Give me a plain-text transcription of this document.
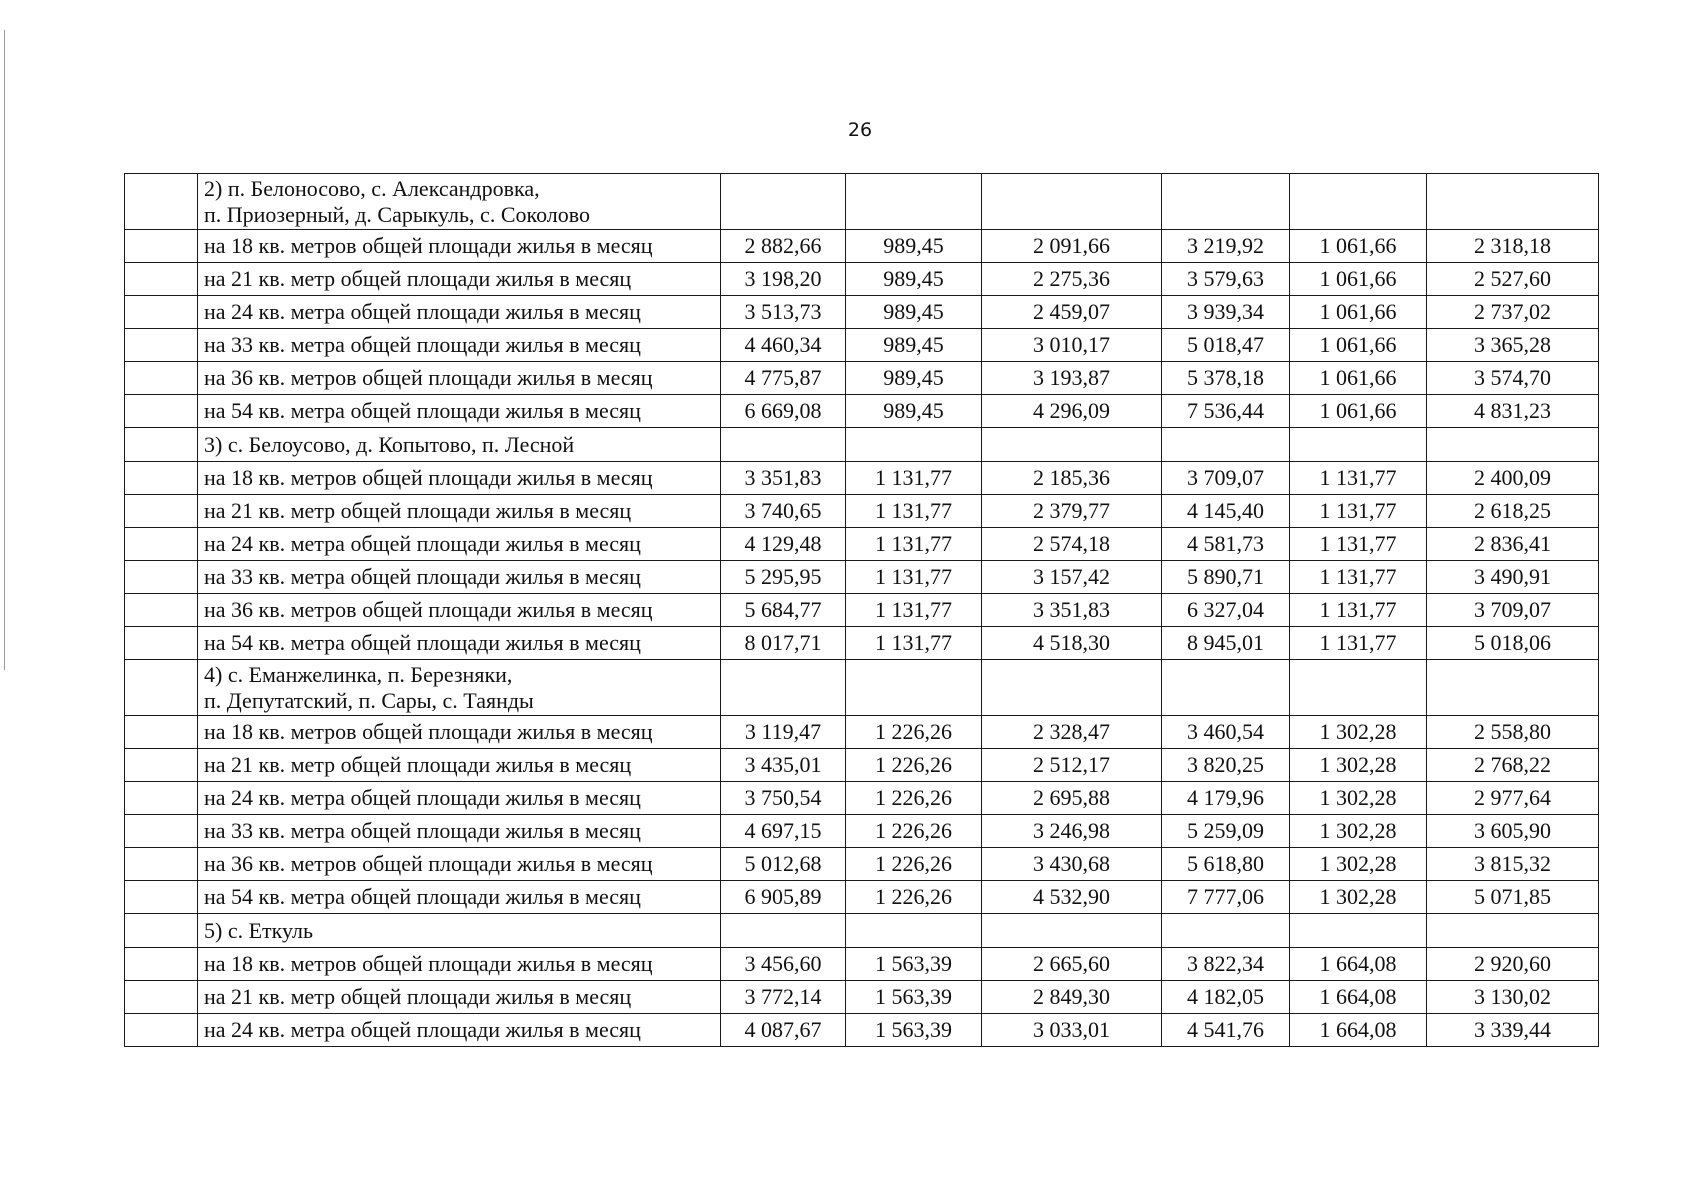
26

	2) п. Белоносово, с. Александровка,
п. Приозерный, д. Сарыкуль, с. Соколово						

	на 18 кв. метров общей площади жилья в месяц	2 882,66	989,45	2 091,66	3 219,92	1 061,66	2 318,18
	на 21 кв. метр общей площади жилья в месяц	3 198,20	989,45	2 275,36	3 579,63	1 061,66	2 527,60
	на 24 кв. метра общей площади жилья в месяц	3 513,73	989,45	2 459,07	3 939,34	1 061,66	2 737,02
	на 33 кв. метра общей площади жилья в месяц	4 460,34	989,45	3 010,17	5 018,47	1 061,66	3 365,28
	на 36 кв. метров общей площади жилья в месяц	4 775,87	989,45	3 193,87	5 378,18	1 061,66	3 574,70
	на 54 кв. метра общей площади жилья в месяц	6 669,08	989,45	4 296,09	7 536,44	1 061,66	4 831,23

	3) с. Белоусово, д. Копытово, п. Лесной						

	на 18 кв. метров общей площади жилья в месяц	3 351,83	1 131,77	2 185,36	3 709,07	1 131,77	2 400,09
	на 21 кв. метр общей площади жилья в месяц	3 740,65	1 131,77	2 379,77	4 145,40	1 131,77	2 618,25
	на 24 кв. метра общей площади жилья в месяц	4 129,48	1 131,77	2 574,18	4 581,73	1 131,77	2 836,41
	на 33 кв. метра общей площади жилья в месяц	5 295,95	1 131,77	3 157,42	5 890,71	1 131,77	3 490,91
	на 36 кв. метров общей площади жилья в месяц	5 684,77	1 131,77	3 351,83	6 327,04	1 131,77	3 709,07
	на 54 кв. метра общей площади жилья в месяц	8 017,71	1 131,77	4 518,30	8 945,01	1 131,77	5 018,06

	4) с. Еманжелинка, п. Березняки,
п. Депутатский, п. Сары, с. Таянды						

	на 18 кв. метров общей площади жилья в месяц	3 119,47	1 226,26	2 328,47	3 460,54	1 302,28	2 558,80
	на 21 кв. метр общей площади жилья в месяц	3 435,01	1 226,26	2 512,17	3 820,25	1 302,28	2 768,22
	на 24 кв. метра общей площади жилья в месяц	3 750,54	1 226,26	2 695,88	4 179,96	1 302,28	2 977,64
	на 33 кв. метра общей площади жилья в месяц	4 697,15	1 226,26	3 246,98	5 259,09	1 302,28	3 605,90
	на 36 кв. метров общей площади жилья в месяц	5 012,68	1 226,26	3 430,68	5 618,80	1 302,28	3 815,32
	на 54 кв. метра общей площади жилья в месяц	6 905,89	1 226,26	4 532,90	7 777,06	1 302,28	5 071,85

	5) с. Еткуль						

	на 18 кв. метров общей площади жилья в месяц	3 456,60	1 563,39	2 665,60	3 822,34	1 664,08	2 920,60
	на 21 кв. метр общей площади жилья в месяц	3 772,14	1 563,39	2 849,30	4 182,05	1 664,08	3 130,02
	на 24 кв. метра общей площади жилья в месяц	4 087,67	1 563,39	3 033,01	4 541,76	1 664,08	3 339,44
